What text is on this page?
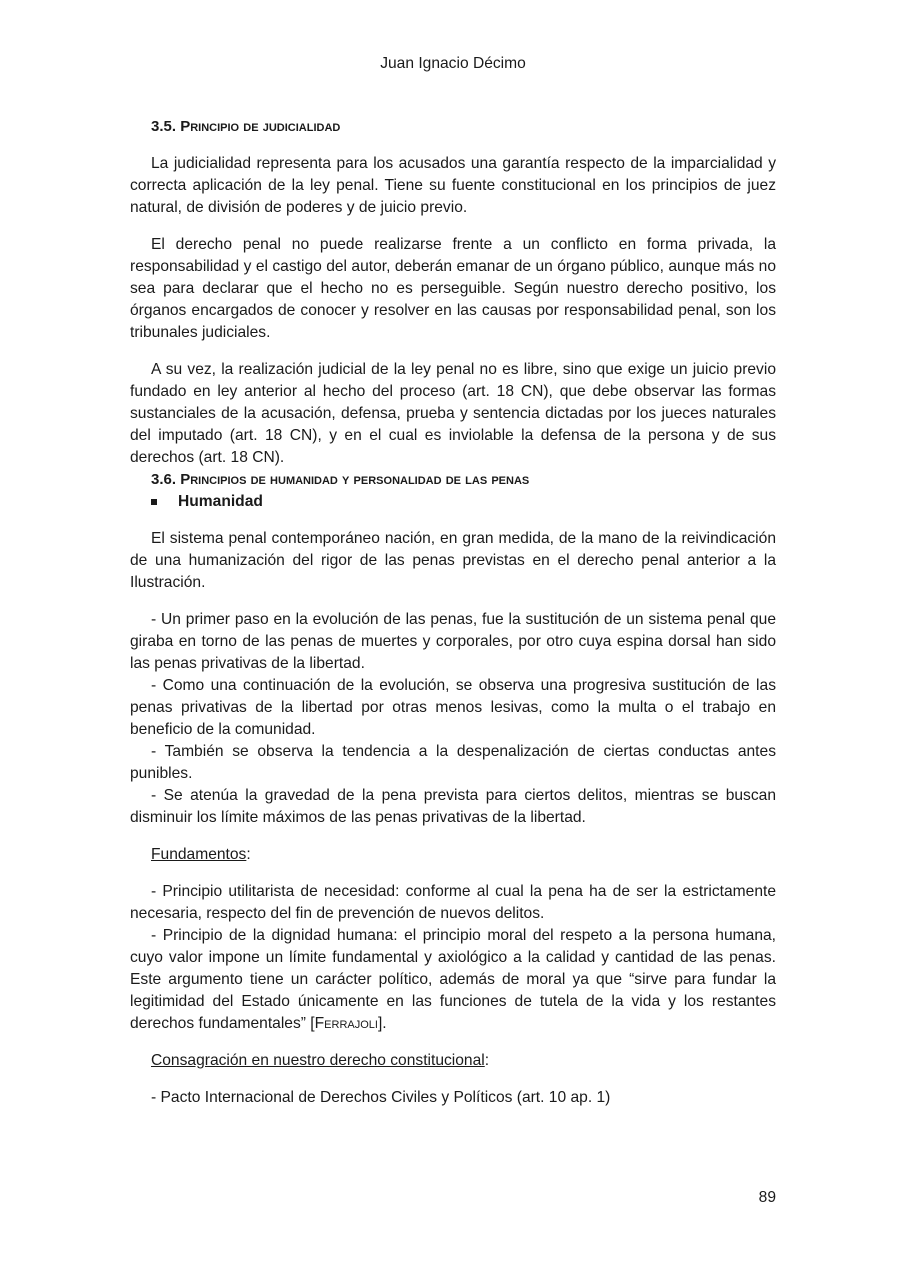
Juan Ignacio Décimo
3.5. Principio de judicialidad

La judicialidad representa para los acusados una garantía respecto de la imparcialidad y correcta aplicación de la ley penal. Tiene su fuente constitucional en los principios de juez natural, de división de poderes y de juicio previo.

El derecho penal no puede realizarse frente a un conflicto en forma privada, la responsabilidad y el castigo del autor, deberán emanar de un órgano público, aunque más no sea para declarar que el hecho no es perseguible. Según nuestro derecho positivo, los órganos encargados de conocer y resolver en las causas por responsabilidad penal, son los tribunales judiciales.

A su vez, la realización judicial de la ley penal no es libre, sino que exige un juicio previo fundado en ley anterior al hecho del proceso (art. 18 CN), que debe observar las formas sustanciales de la acusación, defensa, prueba y sentencia dictadas por los jueces naturales del imputado (art. 18 CN), y en el cual es inviolable la defensa de la persona y de sus derechos (art. 18 CN).

3.6. Principios de humanidad y personalidad de las penas
Humanidad

El sistema penal contemporáneo nación, en gran medida, de la mano de la reivindicación de una humanización del rigor de las penas previstas en el derecho penal anterior a la Ilustración.

- Un primer paso en la evolución de las penas, fue la sustitución de un sistema penal que giraba en torno de las penas de muertes y corporales, por otro cuya espina dorsal han sido las penas privativas de la libertad.

- Como una continuación de la evolución, se observa una progresiva sustitución de las penas privativas de la libertad por otras menos lesivas, como la multa o el trabajo en beneficio de la comunidad.

- También se observa la tendencia a la despenalización de ciertas conductas antes punibles.

- Se atenúa la gravedad de la pena prevista para ciertos delitos, mientras se buscan disminuir los límite máximos de las penas privativas de la libertad.

Fundamentos:

- Principio utilitarista de necesidad: conforme al cual la pena ha de ser la estrictamente necesaria, respecto del fin de prevención de nuevos delitos.

- Principio de la dignidad humana: el principio moral del respeto a la persona humana, cuyo valor impone un límite fundamental y axiológico a la calidad y cantidad de las penas. Este argumento tiene un carácter político, además de moral ya que “sirve para fundar la legitimidad del Estado únicamente en las funciones de tutela de la vida y los restantes derechos fundamentales” [Ferrajoli].

Consagración en nuestro derecho constitucional:

- Pacto Internacional de Derechos Civiles y Políticos (art. 10 ap. 1)

89
